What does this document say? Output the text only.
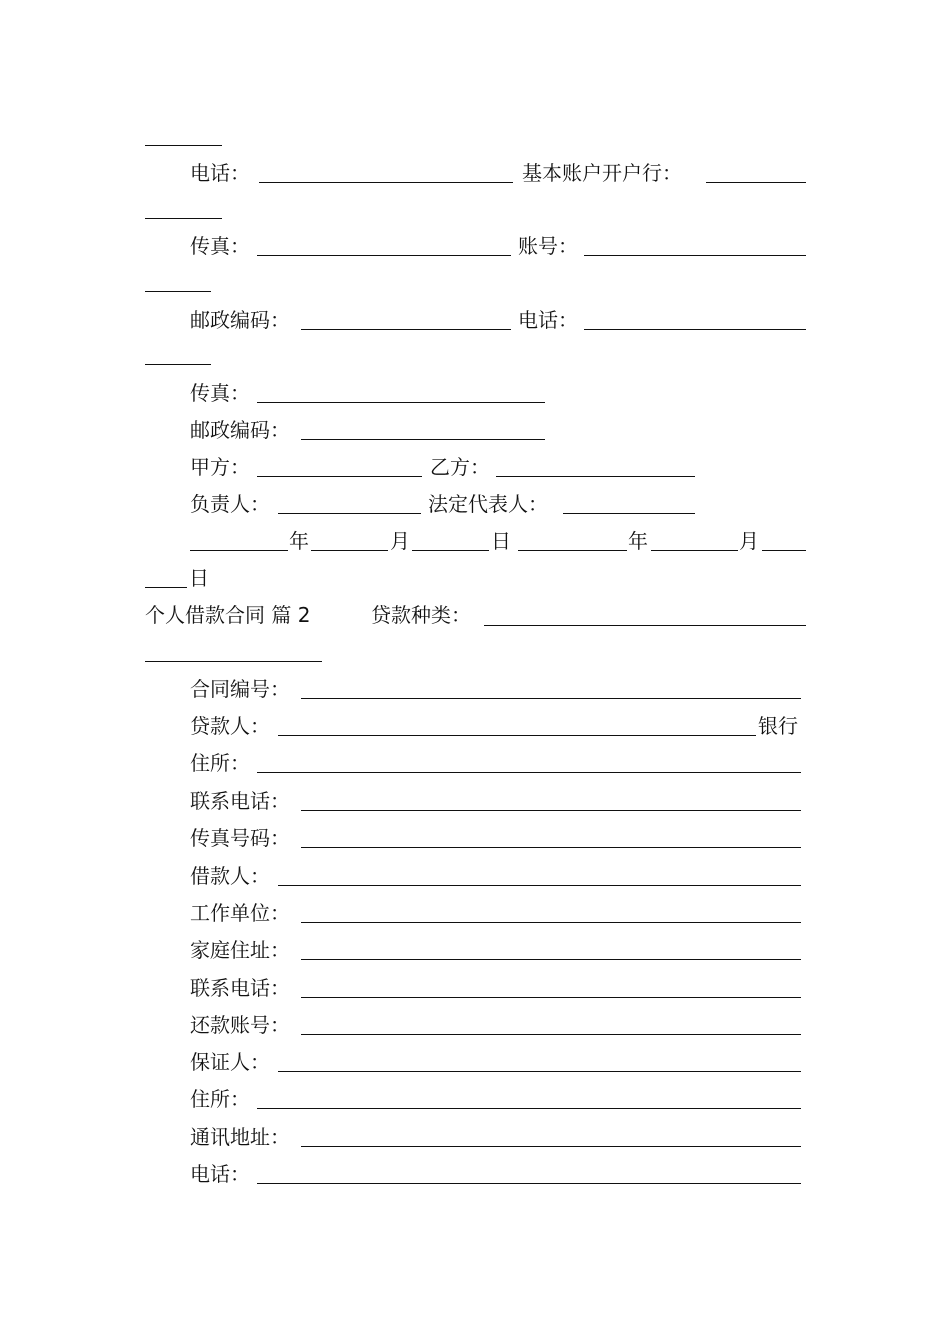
电话：	基本账户开户行：
传真：	账号：
邮政编码：	电话：
传真：
邮政编码：
甲方：	乙方：
负责人：	法定代表人：
年	月	日	年	月
日
个人借款合同 篇 2	贷款种类：
合同编号：
贷款人：	银行
住所：
联系电话：
传真号码：
借款人：
工作单位：
家庭住址：
联系电话：
还款账号：
保证人：
住所：
通讯地址：
电话：
